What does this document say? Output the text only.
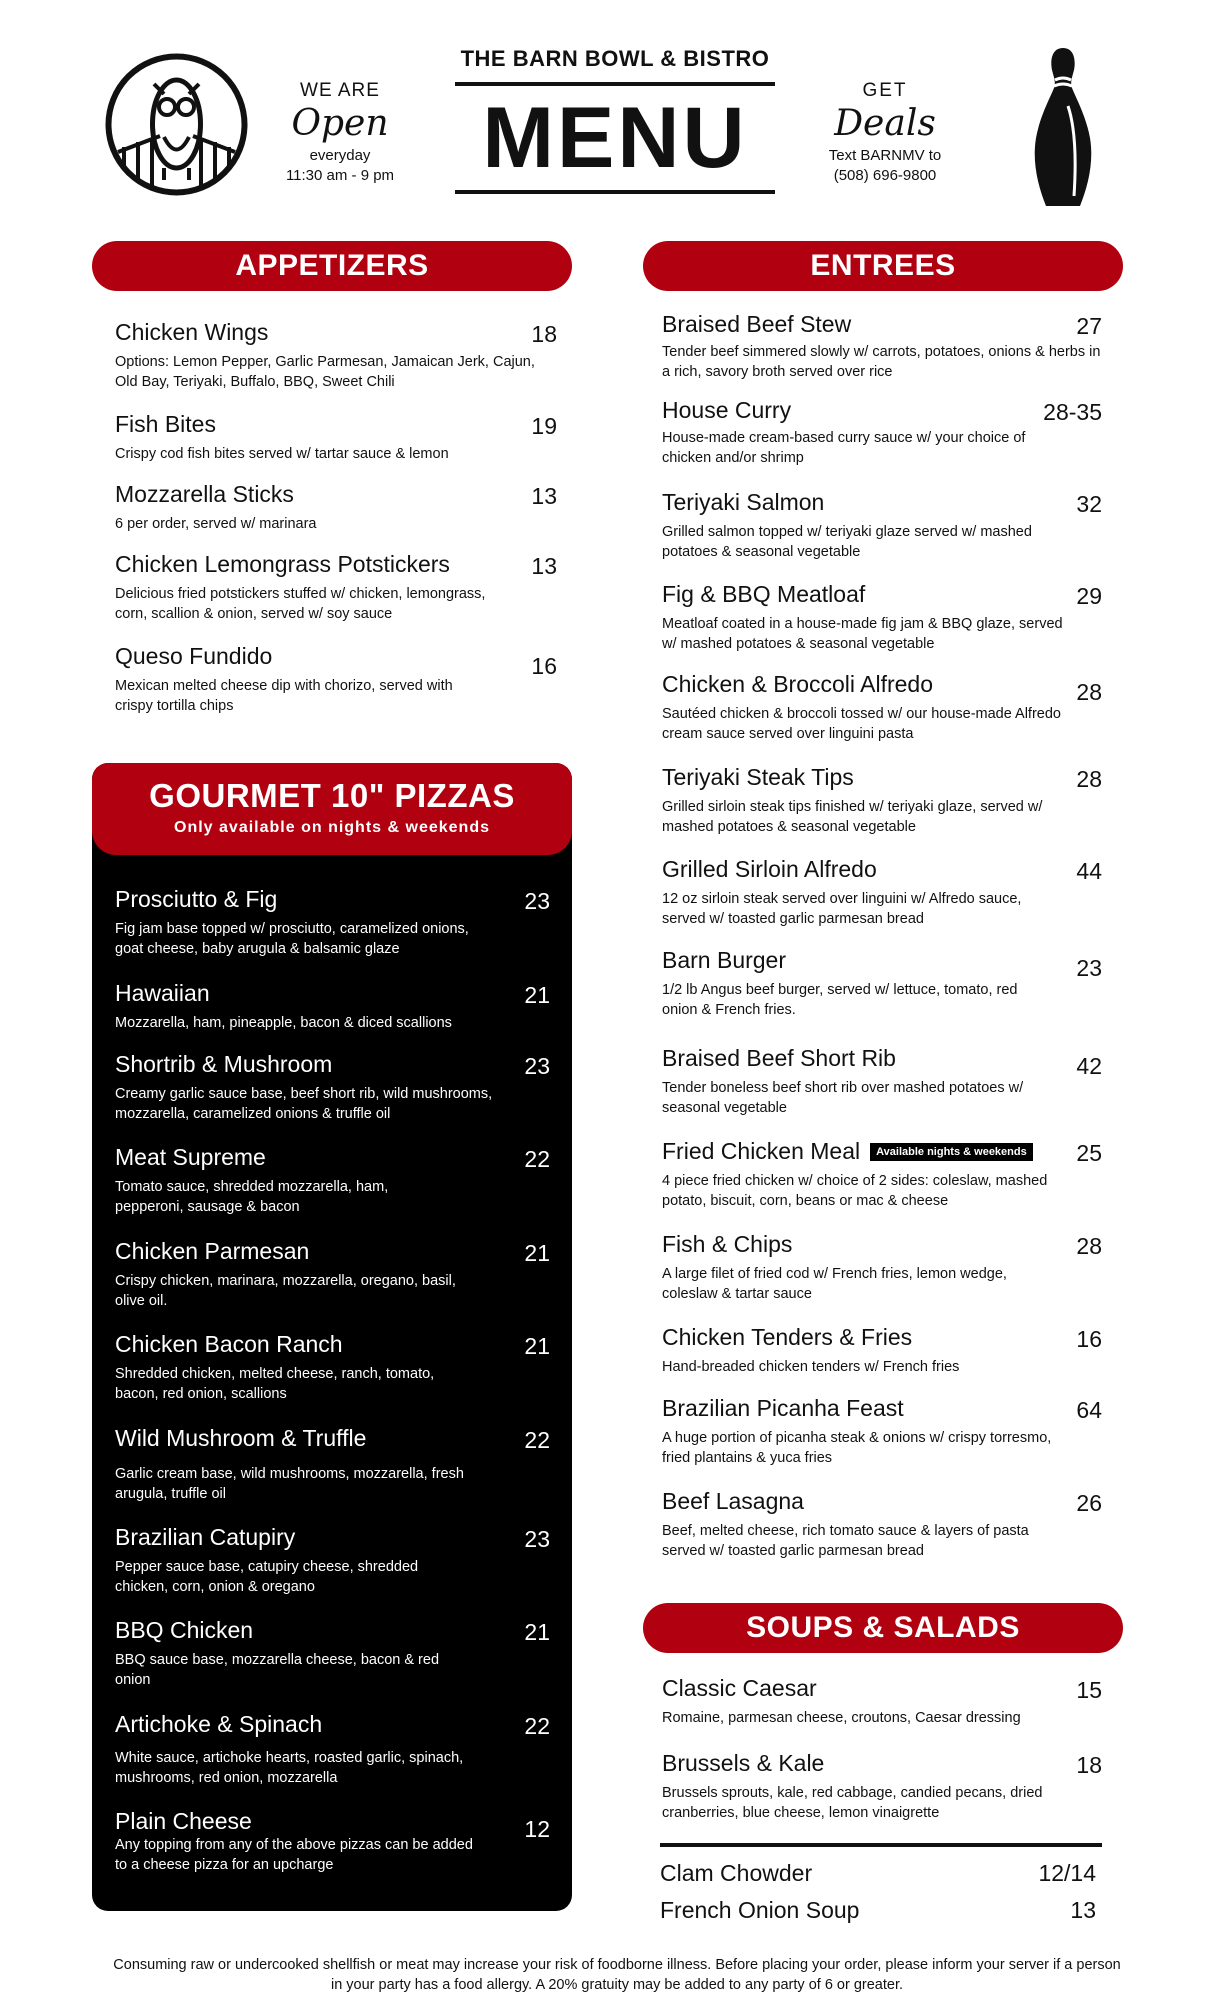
WE ARE
Open
everyday
11:30 am - 9 pm
THE BARN BOWL & BISTRO
MENU	GET
Deals
Text BARNMV to
(508) 696-9800
APPETIZERS
Chicken Wings	18
Options: Lemon Pepper, Garlic Parmesan, Jamaican Jerk, Cajun, Old Bay, Teriyaki, Buffalo, BBQ, Sweet Chili
Fish Bites	19
Crispy cod fish bites served w/ tartar sauce & lemon
Mozzarella Sticks	13
6 per order, served w/ marinara
Chicken Lemongrass Potstickers	13
Delicious fried potstickers stuffed w/ chicken, lemongrass, corn, scallion & onion, served w/ soy sauce
Queso Fundido	16
Mexican melted cheese dip with chorizo, served with crispy tortilla chips
GOURMET 10" PIZZAS
Only available on nights & weekends
Prosciutto & Fig	23
Fig jam base topped w/ prosciutto, caramelized onions, goat cheese, baby arugula & balsamic glaze
Hawaiian	21
Mozzarella, ham, pineapple, bacon & diced scallions
Shortrib & Mushroom	23
Creamy garlic sauce base, beef short rib, wild mushrooms, mozzarella, caramelized onions & truffle oil
Meat Supreme	22
Tomato sauce, shredded mozzarella, ham, pepperoni, sausage & bacon
Chicken Parmesan	21
Crispy chicken, marinara, mozzarella, oregano, basil, olive oil.
Chicken Bacon Ranch	21
Shredded chicken, melted cheese, ranch, tomato, bacon, red onion, scallions
Wild Mushroom & Truffle	22
Garlic cream base, wild mushrooms, mozzarella, fresh arugula, truffle oil
Brazilian Catupiry	23
Pepper sauce base, catupiry cheese, shredded chicken, corn, onion & oregano
BBQ Chicken	21
BBQ sauce base, mozzarella cheese, bacon & red onion
Artichoke & Spinach	22
White sauce, artichoke hearts, roasted garlic, spinach, mushrooms, red onion, mozzarella
Plain Cheese	12
Any topping from any of the above pizzas can be added to a cheese pizza for an upcharge
ENTREES
Braised Beef Stew	27
Tender beef simmered slowly w/ carrots, potatoes, onions & herbs in a rich, savory broth served over rice
House Curry	28-35
House-made cream-based curry sauce w/ your choice of chicken and/or shrimp
Teriyaki Salmon	32
Grilled salmon topped w/ teriyaki glaze served w/ mashed potatoes & seasonal vegetable
Fig & BBQ Meatloaf	29
Meatloaf coated in a house-made fig jam & BBQ glaze, served w/ mashed potatoes & seasonal vegetable
Chicken & Broccoli Alfredo	28
Sautéed chicken & broccoli tossed w/ our house-made Alfredo cream sauce served over linguini pasta
Teriyaki Steak Tips	28
Grilled sirloin steak tips finished w/ teriyaki glaze, served w/ mashed potatoes & seasonal vegetable
Grilled Sirloin Alfredo	44
12 oz sirloin steak served over linguini w/ Alfredo sauce, served w/ toasted garlic parmesan bread
Barn Burger	23
1/2 lb Angus beef burger, served w/ lettuce, tomato, red onion & French fries.
Braised Beef Short Rib	42
Tender boneless beef short rib over mashed potatoes w/ seasonal vegetable
Fried Chicken Meal Available nights & weekends	25
4 piece fried chicken w/ choice of 2 sides: coleslaw, mashed potato, biscuit, corn, beans or mac & cheese
Fish & Chips	28
A large filet of fried cod w/ French fries, lemon wedge, coleslaw & tartar sauce
Chicken Tenders & Fries	16
Hand-breaded chicken tenders w/ French fries
Brazilian Picanha Feast	64
A huge portion of picanha steak & onions w/ crispy torresmo, fried plantains & yuca fries
Beef Lasagna	26
Beef, melted cheese, rich tomato sauce & layers of pasta served w/ toasted garlic parmesan bread
SOUPS & SALADS
Classic Caesar	15
Romaine, parmesan cheese, croutons, Caesar dressing
Brussels & Kale	18
Brussels sprouts, kale, red cabbage, candied pecans, dried cranberries, blue cheese, lemon vinaigrette
Clam Chowder	12/14
French Onion Soup	13
Consuming raw or undercooked shellfish or meat may increase your risk of foodborne illness. Before placing your order, please inform your server if a person in your party has a food allergy. A 20% gratuity may be added to any party of 6 or greater.
